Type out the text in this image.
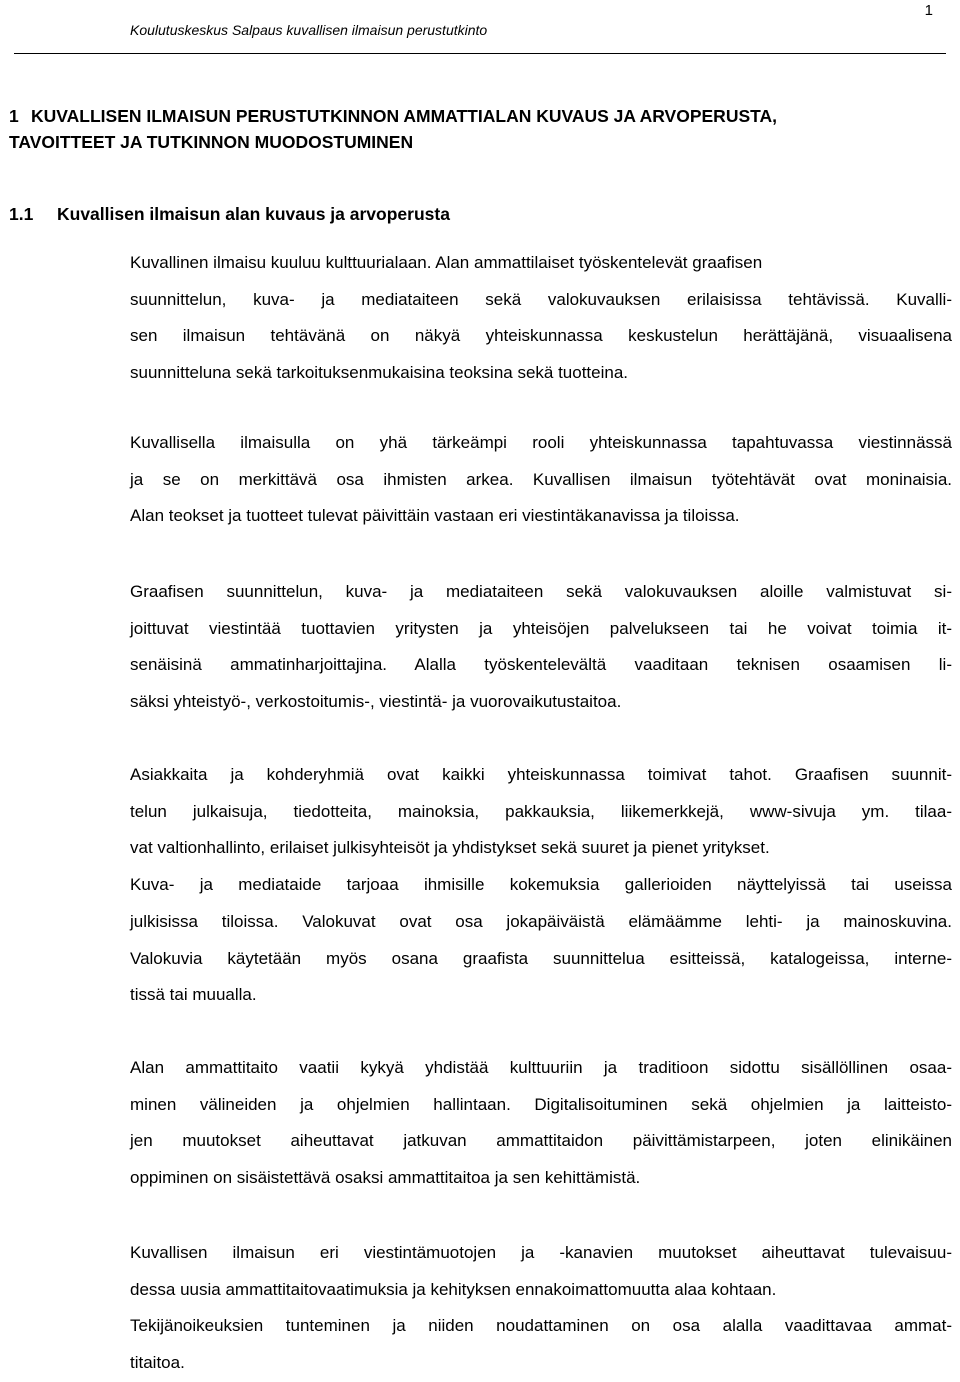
1
Koulutuskeskus Salpaus kuvallisen ilmaisun perustutkinto
1 KUVALLISEN ILMAISUN PERUSTUTKINNON AMMATTIALAN KUVAUS JA ARVOPERUSTA,
TAVOITTEET JA TUTKINNON MUODOSTUMINEN
1.1 Kuvallisen ilmaisun alan kuvaus ja arvoperusta
Kuvallinen ilmaisu kuuluu kulttuurialaan. Alan ammattilaiset työskentelevät graafisen
suunnittelun, kuva- ja mediataiteen sekä valokuvauksen erilaisissa tehtävissä. Kuvalli-
sen ilmaisun tehtävänä on näkyä yhteiskunnassa keskustelun herättäjänä, visuaalisena
suunnitteluna sekä tarkoituksenmukaisina teoksina sekä tuotteina.
Kuvallisella ilmaisulla on yhä tärkeämpi rooli yhteiskunnassa tapahtuvassa viestinnässä
ja se on merkittävä osa ihmisten arkea. Kuvallisen ilmaisun työtehtävät ovat moninaisia.
Alan teokset ja tuotteet tulevat päivittäin vastaan eri viestintäkanavissa ja tiloissa.
Graafisen suunnittelun, kuva- ja mediataiteen sekä valokuvauksen aloille valmistuvat si-
joittuvat viestintää tuottavien yritysten ja yhteisöjen palvelukseen tai he voivat toimia it-
senäisinä ammatinharjoittajina. Alalla työskentelevältä vaaditaan teknisen osaamisen li-
säksi yhteistyö-, verkostoitumis-, viestintä- ja vuorovaikutustaitoa.
Asiakkaita ja kohderyhmiä ovat kaikki yhteiskunnassa toimivat tahot. Graafisen suunnit-
telun julkaisuja, tiedotteita, mainoksia, pakkauksia, liikemerkkejä, www-sivuja ym. tilaa-
vat valtionhallinto, erilaiset julkisyhteisöt ja yhdistykset sekä suuret ja pienet yritykset.
Kuva- ja mediataide tarjoaa ihmisille kokemuksia gallerioiden näyttelyissä tai useissa
julkisissa tiloissa. Valokuvat ovat osa jokapäiväistä elämäämme lehti- ja mainoskuvina.
Valokuvia käytetään myös osana graafista suunnittelua esitteissä, katalogeissa, interne-
tissä tai muualla.
Alan ammattitaito vaatii kykyä yhdistää kulttuuriin ja traditioon sidottu sisällöllinen osaa-
minen välineiden ja ohjelmien hallintaan. Digitalisoituminen sekä ohjelmien ja laitteisto-
jen muutokset aiheuttavat jatkuvan ammattitaidon päivittämistarpeen, joten elinikäinen
oppiminen on sisäistettävä osaksi ammattitaitoa ja sen kehittämistä.
Kuvallisen ilmaisun eri viestintämuotojen ja -kanavien muutokset aiheuttavat tulevaisuu-
dessa uusia ammattitaitovaatimuksia ja kehityksen ennakoimattomuutta alaa kohtaan.
Tekijänoikeuksien tunteminen ja niiden noudattaminen on osa alalla vaadittavaa ammat-
titaitoa.
